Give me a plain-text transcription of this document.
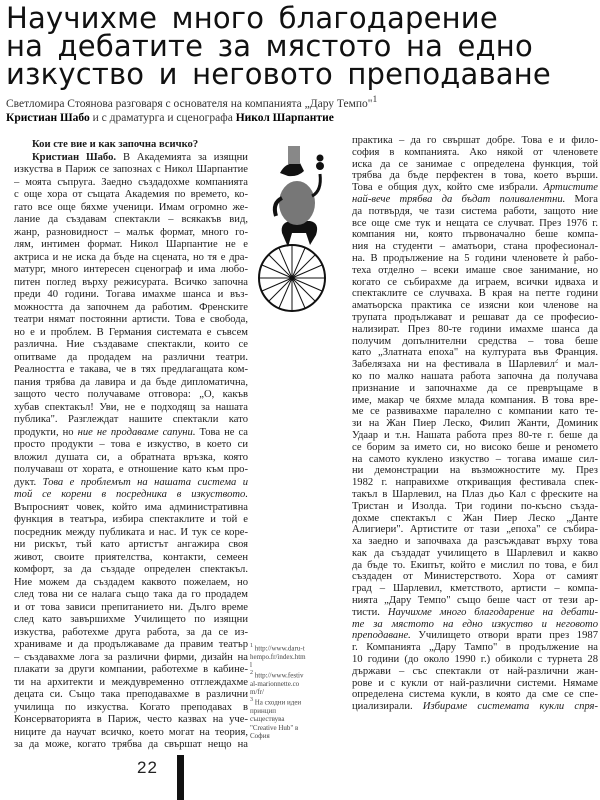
Научихме много благодарение
на дебатите за мястото на едно
изкуство и неговото преподаване
Светломира Стоянова разговаря с основателя на компанията „Дару Темпо"$^1$
Кристиан Шабо и с драматурга и сценографа Никол Шарпантие
Кои сте вие и как започна всичко?
Кристиан Шабо. В Академията за изящни
изкуства в Париж се запознах с Никол Шарпантие
– моята съпруга. Заедно създадохме компанията
с още хора от същата Академия по времето, ко-
гато все още бяхме ученици. Имам огромно же-
лание да създавам спектакли – всякакъв вид,
жанр, разновидност – малък формат, много го-
лям, интимен формат. Никол Шарпантие не е
актриса и не иска да бъде на сцената, но тя е дра-
матург, много интересен сценограф и има любо-
питен поглед върху режисурата. Всичко започна
преди 40 години. Тогава имахме шанса и въз-
можността да започнем да работим. Френските
театри нямат постоянни артисти. Това е свобода,
но е и проблем. В Германия системата е съвсем
различна. Ние създаваме спектакли, които се
опитваме да продадем на различни театри.
Реалността е такава, че в тях предлагащата ком-
пания трябва да лавира и да бъде дипломатична,
защото често получаваме отговора: „О, какъв
хубав спектакъл! Уви, не е подходящ за нашата
публика". Разглеждат нашите спектакли като
продукти, но ние не продаваме сапуни. Това не са
просто продукти – това е изкуство, в което си
вложил душата си, а обратната връзка, която
получаваш от хората, е отношение като към про-
дукт. Това е проблемът на нашата система и
той се корени в посредника в изкуството.
Въпросният човек, който има административна
функция в театъра, избира спектаклите и той е
посредник между публиката и нас. И тук се коре-
ни рискът, тъй като артистът ангажира своя
живот, своите приятелства, контакти, семеен
комфорт, за да създаде определен спектакъл.
Ние можем да създадем каквото пожелаем, но
след това ни се налага също така да го продадем
и от това зависи препитанието ни. Дълго време
след като завършихме Училището по изящни
изкуства, работехме друга работа, за да се из-
храниваме и да продължаваме да правим театър
– създавахме лога за различни фирми, дизайн на
плакати за други компании, работехме в кабине-
ти на архитекти и междувременно отглеждахме
децата си. Също така преподавахме в различни
училища по изкуства. Когато преподавах в
Консерваторията в Париж, често казвах на уче-
ниците да научат всичко, което могат на теория,
за да може, когато трябва да свършат нещо на
практика – да го свършат добре. Това е и фило-
софия в компанията. Ако някой от членовете
иска да се занимае с определена функция, той
трябва да бъде перфектен в това, което върши.
Това е общия дух, който сме избрали. Артистите
най-вече трябва да бъдат поливалентни. Мога
да потвърдя, че тази система работи, защото ние
все още сме тук и нещата се случват. През 1976 г.
компания ни, която първоначално беше компа-
ния на студенти – аматьори, стана професионал-
на. В продължение на 5 години членовете ѝ рабо-
теха отделно – всеки имаше свое занимание, но
когато се събирахме да играем, всички идваха и
спектаклите се случваха. В края на петте години
аматьорска практика се изясни кои членове на
трупата продължават и решават да се професио-
нализират. През 80-те години имахме шанса да
получим допълнителни средства – това беше
като „Златната епоха" на културата във Франция.
Забелязаха ни на фестивала в Шарлевил$^2$ и мал-
ко по малко нашата работа започна да получава
признание и започнахме да се превръщаме в
име, макар че бяхме млада компания. В това вре-
ме се развивахме паралелно с компании като те-
зи на Жан Пиер Леско, Филип Жанти, Доминик
Удаар и т.н. Нашата работа през 80-те г. беше да
се борим за името си, но високо беше и реномето
на самото куклено изкуство – тогава имаше сил-
ни демонстрации на възможностите му. През
1982 г. направихме откриващия фестивала спек-
такъл в Шарлевил, на Плаз дьо Кал с фреските на
Тристан и Изолда. Три години по-късно създа-
дохме спектакъл с Жан Пиер Леско „Данте
Алигиери". Артистите от тази „епоха" се събира-
ха заедно и започваха да разсъждават върху това
как да създадат училището в Шарлевил и какво
да бъде то. Екипът, който е мислил по това, е бил
създаден от Министерството. Хора от самият
град – Шарлевил, кметството, артисти – компа-
нията „Дару Темпо" също беше част от тези ар-
тисти. Научихме много благодарение на дебати-
те за мястото на едно изкуство и неговото
преподаване. Училището отвори врати през 1987
г. Компанията „Дару Тампо" в продължение на
10 години (до около 1990 г.) обиколи с турнета 28
държави – със спектакли от най-различни жан-
рове и с кукли от най-различни системи. Нямаме
определена система кукли, в която да сме се спе-
циализирали. Избираме системата кукли спря-
$^1$ http://www.daru-thempo.fr/index.html
$^2$ http://www.festival-marionnette.com/fr/
$^3$ На сходни идеи принцип съществува "Creative Hub" в София
22
